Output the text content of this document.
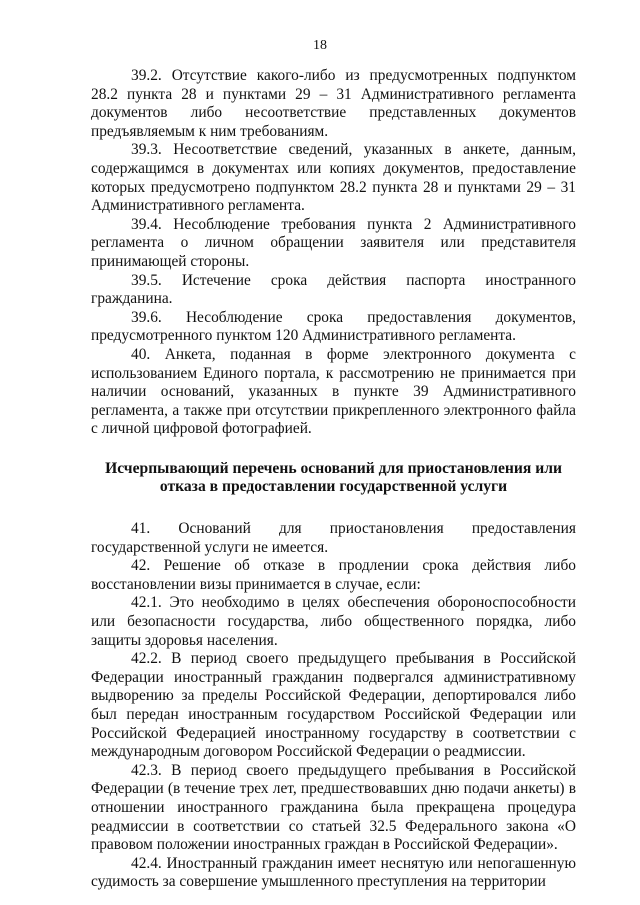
18

39.2. Отсутствие какого-либо из предусмотренных подпунктом 28.2 пункта 28 и пунктами 29 – 31 Административного регламента документов либо несоответствие представленных документов предъявляемым к ним требованиям.

39.3. Несоответствие сведений, указанных в анкете, данным, содержащимся в документах или копиях документов, предоставление которых предусмотрено подпунктом 28.2 пункта 28 и пунктами 29 – 31 Административного регламента.

39.4. Несоблюдение требования пункта 2 Административного регламента о личном обращении заявителя или представителя принимающей стороны.

39.5. Истечение срока действия паспорта иностранного гражданина.

39.6. Несоблюдение срока предоставления документов, предусмотренного пунктом 120 Административного регламента.

40. Анкета, поданная в форме электронного документа с использованием Единого портала, к рассмотрению не принимается при наличии оснований, указанных в пункте 39 Административного регламента, а также при отсутствии прикрепленного электронного файла с личной цифровой фотографией.

Исчерпывающий перечень оснований для приостановления или отказа в предоставлении государственной услуги

41. Оснований для приостановления предоставления государственной услуги не имеется.

42. Решение об отказе в продлении срока действия либо восстановлении визы принимается в случае, если:

42.1. Это необходимо в целях обеспечения обороноспособности или безопасности государства, либо общественного порядка, либо защиты здоровья населения.

42.2. В период своего предыдущего пребывания в Российской Федерации иностранный гражданин подвергался административному выдворению за пределы Российской Федерации, депортировался либо был передан иностранным государством Российской Федерации или Российской Федерацией иностранному государству в соответствии с международным договором Российской Федерации о реадмиссии.

42.3. В период своего предыдущего пребывания в Российской Федерации (в течение трех лет, предшествовавших дню подачи анкеты) в отношении иностранного гражданина была прекращена процедура реадмиссии в соответствии со статьей 32.5 Федерального закона «О правовом положении иностранных граждан в Российской Федерации».

42.4. Иностранный гражданин имеет неснятую или непогашенную судимость за совершение умышленного преступления на территории
